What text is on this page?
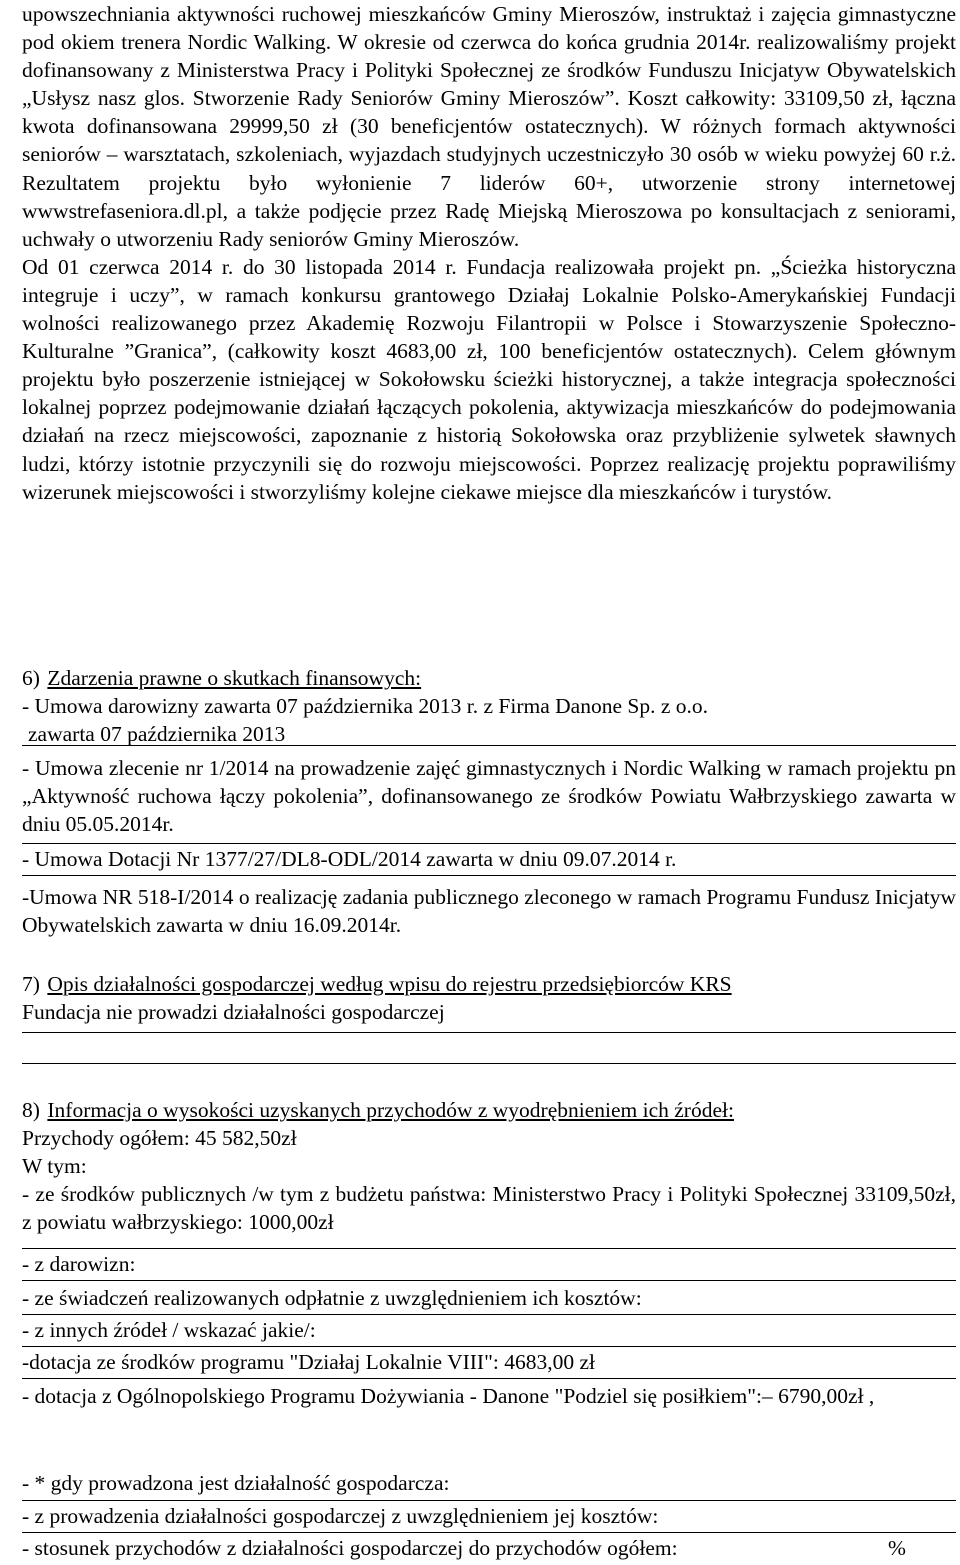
upowszechniania aktywności ruchowej mieszkańców Gminy Mieroszów, instruktaż i zajęcia gimnastyczne pod okiem trenera Nordic Walking. W okresie od czerwca do końca grudnia 2014r. realizowaliśmy projekt dofinansowany z Ministerstwa Pracy i Polityki Społecznej ze środków Funduszu Inicjatyw Obywatelskich „Usłysz nasz glos. Stworzenie Rady Seniorów Gminy Mieroszów”. Koszt całkowity: 33109,50 zł, łączna kwota dofinansowana 29999,50 zł (30 beneficjentów ostatecznych). W różnych formach aktywności seniorów – warsztatach, szkoleniach, wyjazdach studyjnych uczestniczyło 30 osób w wieku powyżej 60 r.ż. Rezultatem projektu było wyłonienie 7 liderów 60+, utworzenie strony internetowej wwwstrefaseniora.dl.pl, a także podjęcie przez Radę Miejską Mieroszowa po konsultacjach z seniorami, uchwały o utworzeniu Rady seniorów Gminy Mieroszów.

Od 01 czerwca 2014 r. do 30 listopada 2014 r. Fundacja realizowała projekt pn. „Ścieżka historyczna integruje i uczy”, w ramach konkursu grantowego Działaj Lokalnie Polsko-Amerykańskiej Fundacji wolności realizowanego przez Akademię Rozwoju Filantropii w Polsce i Stowarzyszenie Społeczno-Kulturalne ”Granica”, (całkowity koszt 4683,00 zł, 100 beneficjentów ostatecznych). Celem głównym projektu było poszerzenie istniejącej w Sokołowsku ścieżki historycznej, a także integracja społeczności lokalnej poprzez podejmowanie działań łączących pokolenia, aktywizacja mieszkańców do podejmowania działań na rzecz miejscowości, zapoznanie z historią Sokołowska oraz przybliżenie sylwetek sławnych ludzi, którzy istotnie przyczynili się do rozwoju miejscowości. Poprzez realizację projektu poprawiliśmy wizerunek miejscowości i stworzyliśmy kolejne ciekawe miejsce dla mieszkańców i turystów.

6) Zdarzenia prawne o skutkach finansowych:

- Umowa darowizny zawarta 07 października 2013 r. z Firma Danone Sp. z o.o.

zawarta 07 października 2013

- Umowa zlecenie nr 1/2014 na prowadzenie zajęć gimnastycznych i Nordic Walking w ramach projektu pn „Aktywność ruchowa łączy pokolenia”, dofinansowanego ze środków Powiatu Wałbrzyskiego zawarta w dniu 05.05.2014r.

- Umowa Dotacji Nr 1377/27/DL8-ODL/2014 zawarta w dniu 09.07.2014 r.

-Umowa NR 518-I/2014 o realizację zadania publicznego zleconego w ramach Programu Fundusz Inicjatyw Obywatelskich zawarta w dniu 16.09.2014r.

7) Opis działalności gospodarczej według wpisu do rejestru przedsiębiorców KRS

Fundacja nie prowadzi działalności gospodarczej

8) Informacja o wysokości uzyskanych przychodów z wyodrębnieniem ich źródeł:

Przychody ogółem: 45 582,50zł

W tym:

- ze środków publicznych /w tym z budżetu państwa: Ministerstwo Pracy i Polityki Społecznej 33109,50zł, z powiatu wałbrzyskiego: 1000,00zł

- z darowizn:

- ze świadczeń realizowanych odpłatnie z uwzględnieniem ich kosztów:

- z innych źródeł / wskazać jakie/:

-dotacja ze środków programu "Działaj Lokalnie VIII": 4683,00 zł

- dotacja z Ogólnopolskiego Programu Dożywiania - Danone "Podziel się posiłkiem":– 6790,00zł ,

- * gdy prowadzona jest działalność gospodarcza:

- z prowadzenia działalności gospodarczej z uwzględnieniem jej kosztów:

- stosunek przychodów z działalności gospodarczej do przychodów ogółem:	%
